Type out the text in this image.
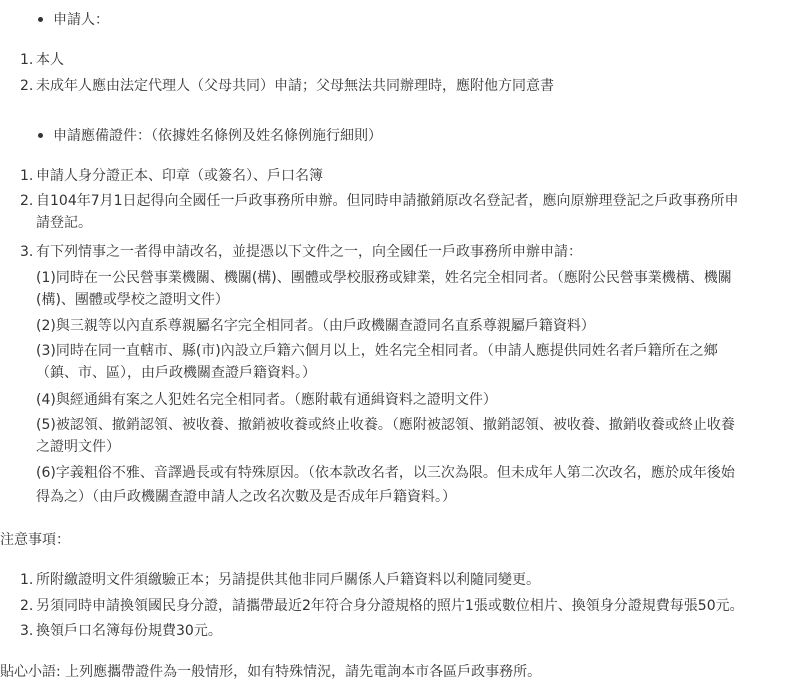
申請人：
1. 本人
2. 未成年人應由法定代理人（父母共同）申請；父母無法共同辦理時，應附他方同意書
申請應備證件：（依據姓名條例及姓名條例施行細則）
1. 申請人身分證正本、印章（或簽名）、戶口名簿
2. 自104年7月1日起得向全國任一戶政事務所申辦。但同時申請撤銷原改名登記者，應向原辦理登記之戶政事務所申
請登記。
3. 有下列情事之一者得申請改名，並提憑以下文件之一，向全國任一戶政事務所申辦申請：
(1)同時在一公民營事業機關、機關(構)、團體或學校服務或肄業，姓名完全相同者。（應附公民營事業機構、機關
(構)、團體或學校之證明文件）
(2)與三親等以內直系尊親屬名字完全相同者。（由戶政機關查證同名直系尊親屬戶籍資料）
(3)同時在同一直轄市、縣(市)內設立戶籍六個月以上，姓名完全相同者。（申請人應提供同姓名者戶籍所在之鄉
（鎮、市、區），由戶政機關查證戶籍資料。）
(4)與經通緝有案之人犯姓名完全相同者。（應附載有通緝資料之證明文件）
(5)被認領、撤銷認領、被收養、撤銷被收養或終止收養。（應附被認領、撤銷認領、被收養、撤銷收養或終止收養
之證明文件）
(6)字義粗俗不雅、音譯過長或有特殊原因。（依本款改名者，以三次為限。但未成年人第二次改名，應於成年後始
得為之）（由戶政機關查證申請人之改名次數及是否成年戶籍資料。）
注意事項：
1. 所附繳證明文件須繳驗正本；另請提供其他非同戶關係人戶籍資料以利隨同變更。
2. 另須同時申請換領國民身分證，請攜帶最近2年符合身分證規格的照片1張或數位相片、換領身分證規費每張50元。
3. 換領戶口名簿每份規費30元。
貼心小語: 上列應攜帶證件為一般情形，如有特殊情況，請先電詢本市各區戶政事務所。
